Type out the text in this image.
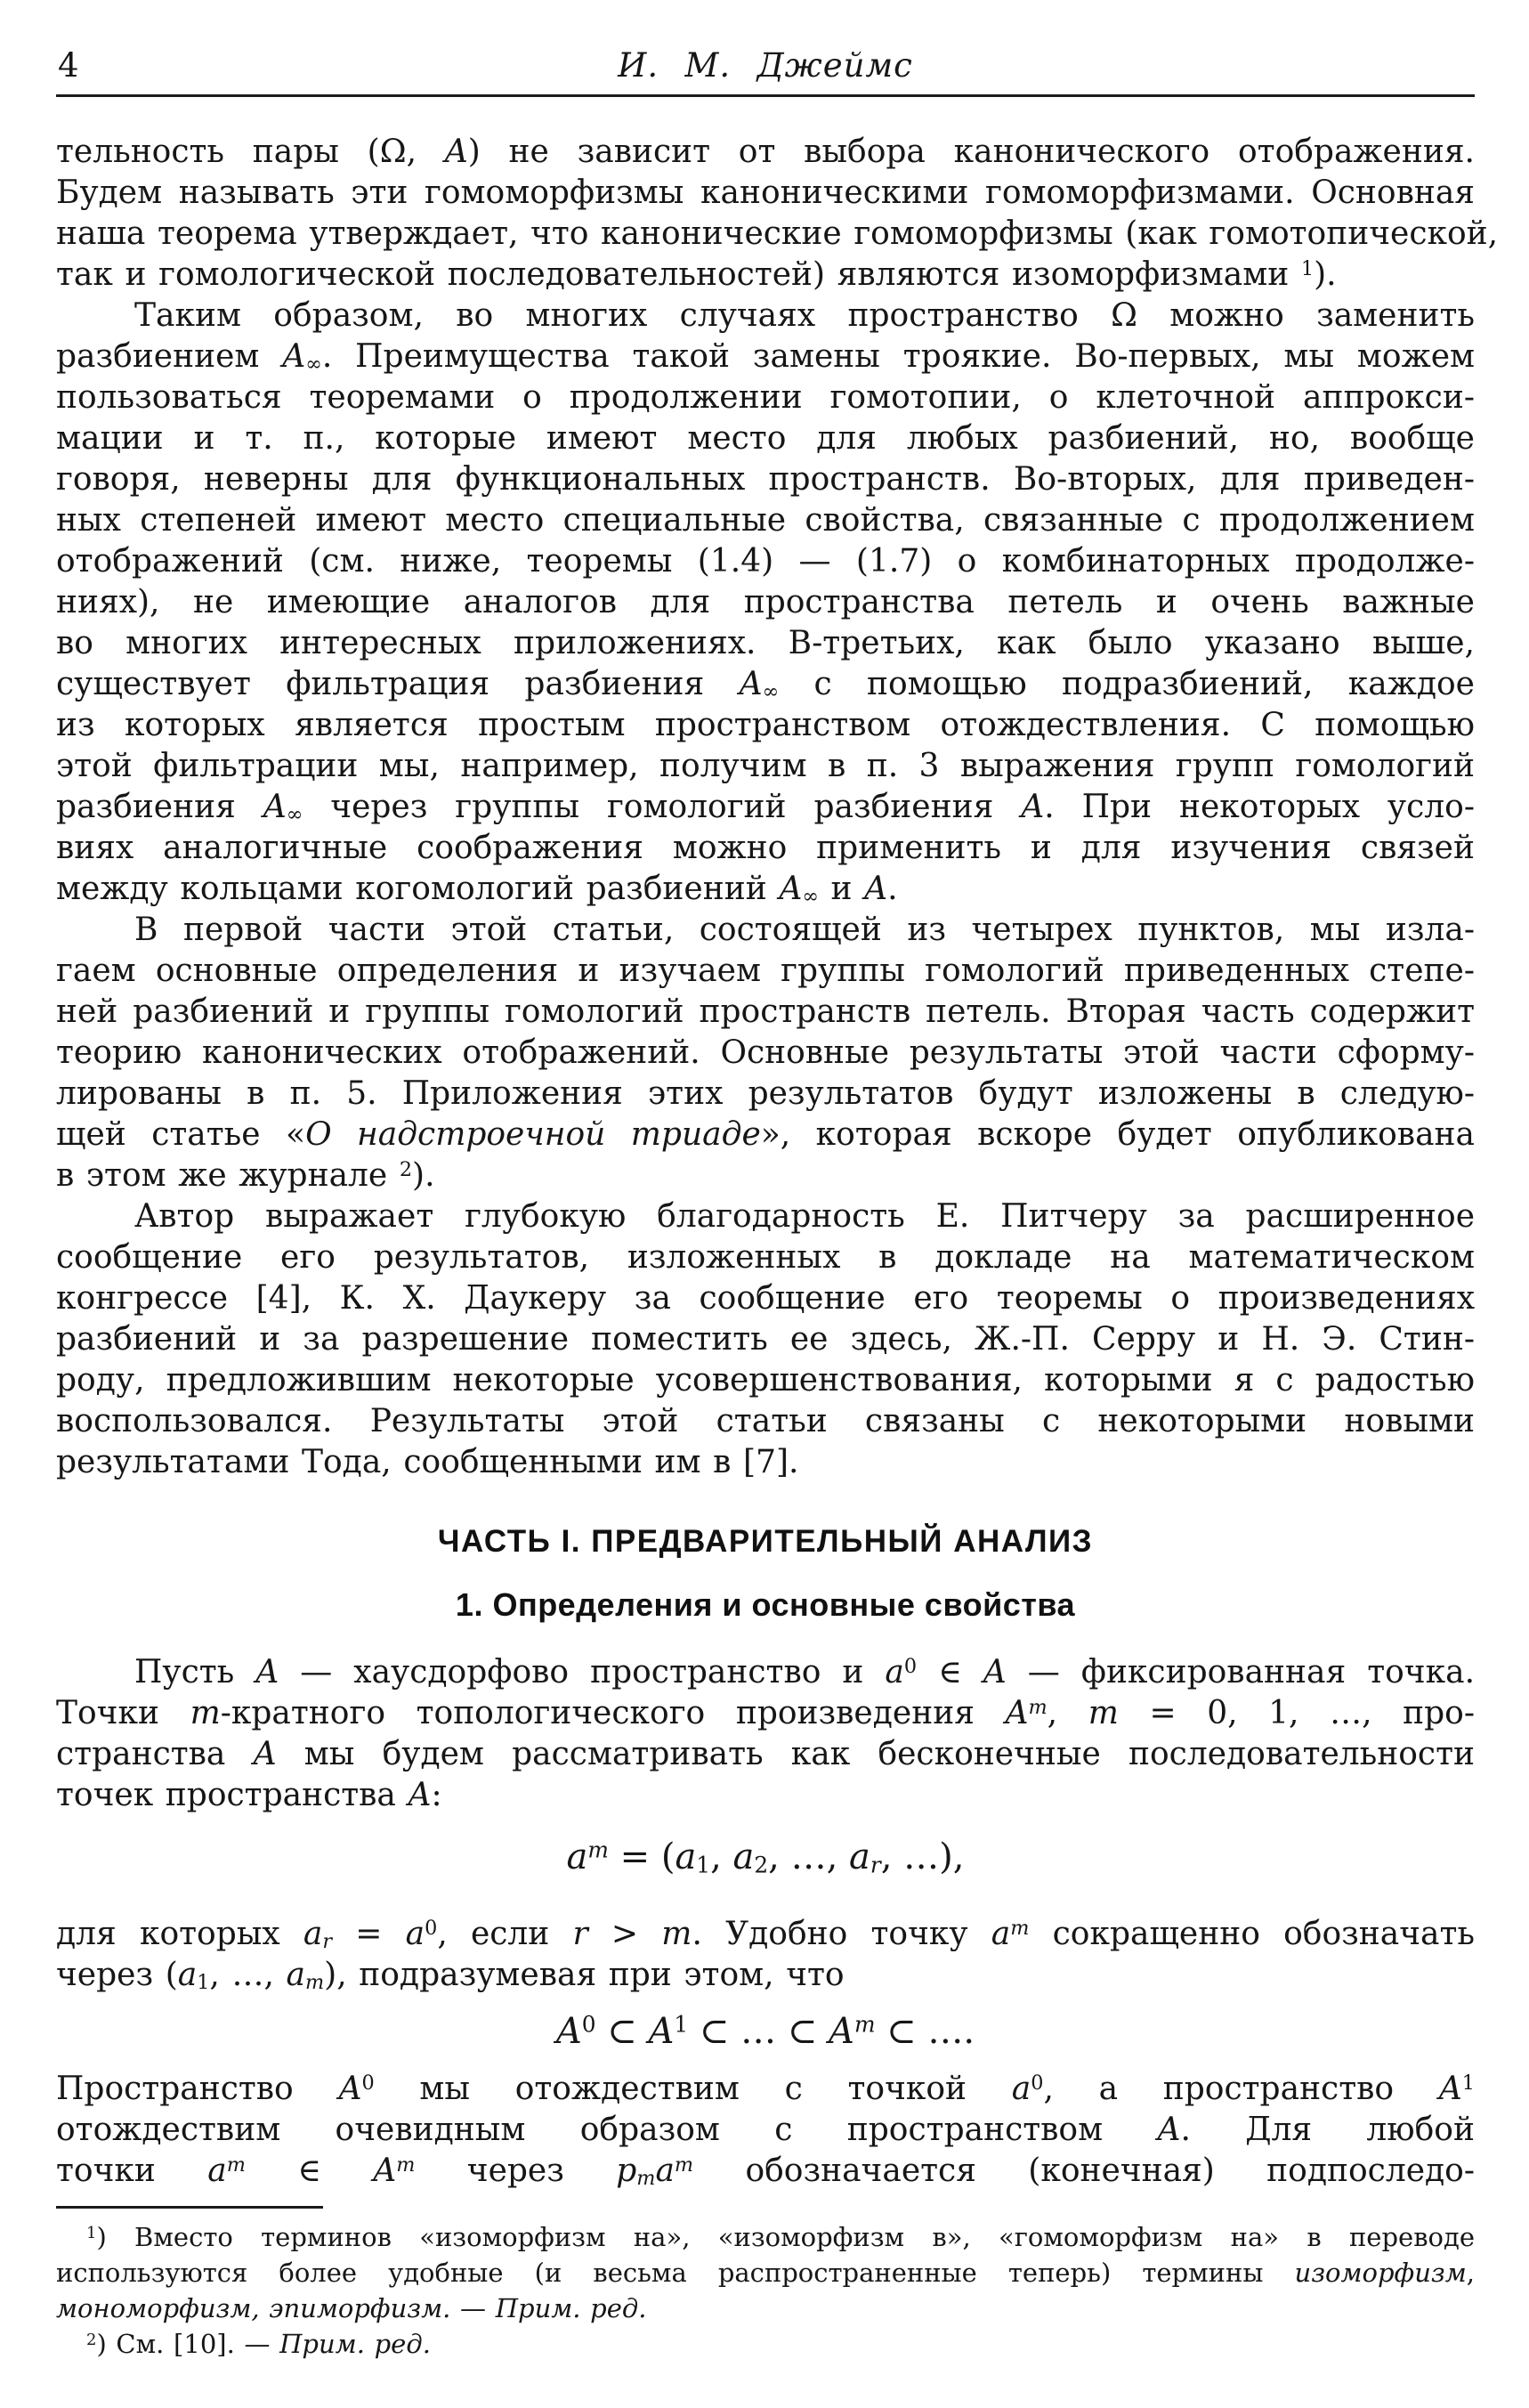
4	И. М. Джеймс
тельность пары (Ω, A) не зависит от выбора канонического отображения.
Будем называть эти гомоморфизмы каноническими гомоморфизмами. Основная
наша теорема утверждает, что канонические гомоморфизмы (как гомотопической,
так и гомологической последовательностей) являются изоморфизмами $^1$).
Таким образом, во многих случаях пространство Ω можно заменить
разбиением $A_\infty$. Преимущества такой замены троякие. Во-первых, мы можем
пользоваться теоремами о продолжении гомотопии, о клеточной аппрокси-
мации и т. п., которые имеют место для любых разбиений, но, вообще
говоря, неверны для функциональных пространств. Во-вторых, для приведен-
ных степеней имеют место специальные свойства, связанные с продолжением
отображений (см. ниже, теоремы (1.4) — (1.7) о комбинаторных продолже-
ниях), не имеющие аналогов для пространства петель и очень важные
во многих интересных приложениях. В-третьих, как было указано выше,
существует фильтрация разбиения $A_\infty$ с помощью подразбиений, каждое
из которых является простым пространством отождествления. С помощью
этой фильтрации мы, например, получим в п. 3 выражения групп гомологий
разбиения $A_\infty$ через группы гомологий разбиения A. При некоторых усло-
виях аналогичные соображения можно применить и для изучения связей
между кольцами когомологий разбиений $A_\infty$ и A.
В первой части этой статьи, состоящей из четырех пунктов, мы изла-
гаем основные определения и изучаем группы гомологий приведенных степе-
ней разбиений и группы гомологий пространств петель. Вторая часть содержит
теорию канонических отображений. Основные результаты этой части сформу-
лированы в п. 5. Приложения этих результатов будут изложены в следую-
щей статье «О надстроечной триаде», которая вскоре будет опубликована
в этом же журнале $^2$).
Автор выражает глубокую благодарность Е. Питчеру за расширенное
сообщение его результатов, изложенных в докладе на математическом
конгрессе [4], К. Х. Даукеру за сообщение его теоремы о произведениях
разбиений и за разрешение поместить ее здесь, Ж.-П. Серру и Н. Э. Стин-
роду, предложившим некоторые усовершенствования, которыми я с радостью
воспользовался. Результаты этой статьи связаны с некоторыми новыми
результатами Тода, сообщенными им в [7].
ЧАСТЬ I. ПРЕДВАРИТЕЛЬНЫЙ АНАЛИЗ
1. Определения и основные свойства
Пусть A — хаусдорфово пространство и $a^0$ ∈ A — фиксированная точка.
Точки m-кратного топологического произведения $A^m$, m = 0, 1, …, про-
странства A мы будем рассматривать как бесконечные последовательности
точек пространства A:
$a^m = (a_1$, $a_2$, …, $a_r$, …),
для которых $a_r = a^0$, если r > m. Удобно точку $a^m$ сокращенно обозначать
через ($a_1$, …, $a_m$), подразумевая при этом, что
$A^0$ ⊂ $A^1$ ⊂ … ⊂ $A^m$ ⊂ ….
Пространство $A^0$ мы отождествим с точкой $a^0$, а пространство $A^1$
отождествим очевидным образом с пространством A. Для любой
точки $a^m$ ∈ $A^m$ через $p_ma^m$ обозначается (конечная) подпоследо-
$^1$) Вместо терминов «изоморфизм на», «изоморфизм в», «гомоморфизм на» в переводе
используются более удобные (и весьма распространенные теперь) термины изоморфизм,
мономорфизм, эпиморфизм. — Прим. ред.
$^2$) См. [10]. — Прим. ред.
